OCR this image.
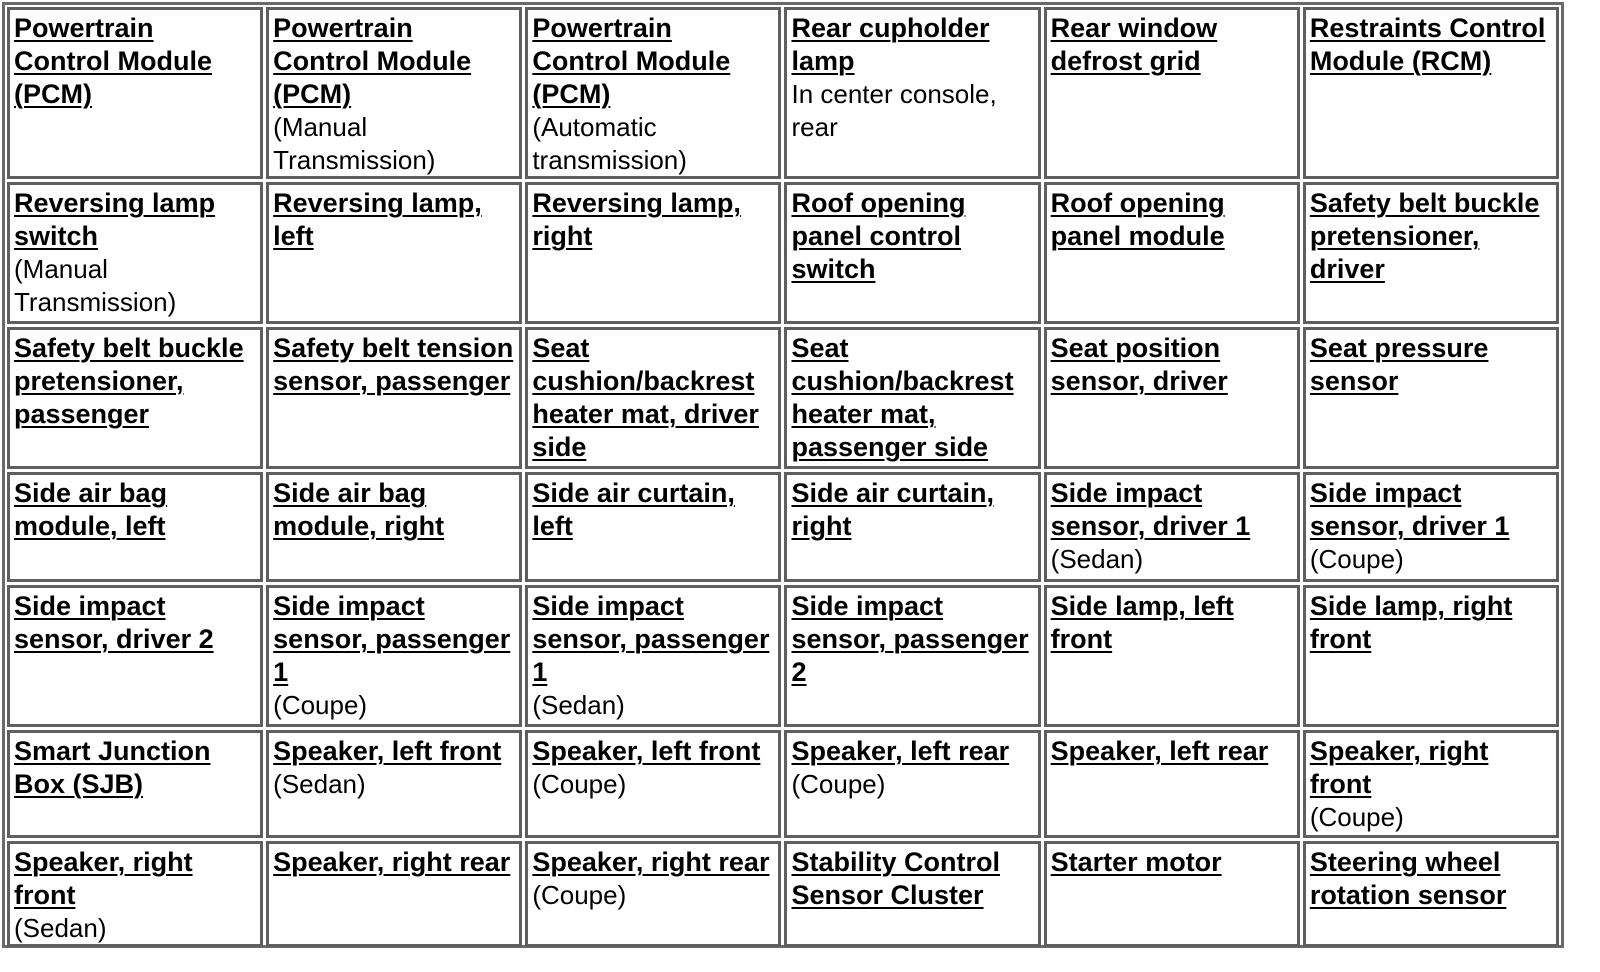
Powertrain Control Module (PCM)
Powertrain Control Module (PCM)
(Manual Transmission)
Powertrain Control Module (PCM)
(Automatic transmission)
Rear cupholder lamp
In center console, rear
Rear window defrost grid
Restraints Control Module (RCM)
Reversing lamp switch
(Manual Transmission)
Reversing lamp, left
Reversing lamp, right
Roof opening panel control switch
Roof opening panel module
Safety belt buckle pretensioner, driver
Safety belt buckle pretensioner, passenger
Safety belt tension sensor, passenger
Seat cushion/backrest heater mat, driver side
Seat cushion/backrest heater mat, passenger side
Seat position sensor, driver
Seat pressure sensor
Side air bag module, left
Side air bag module, right
Side air curtain, left
Side air curtain, right
Side impact sensor, driver 1
(Sedan)
Side impact sensor, driver 1
(Coupe)
Side impact sensor, driver 2
Side impact sensor, passenger 1
(Coupe)
Side impact sensor, passenger 1
(Sedan)
Side impact sensor, passenger 2
Side lamp, left front
Side lamp, right front
Smart Junction Box (SJB)
Speaker, left front
(Sedan)
Speaker, left front
(Coupe)
Speaker, left rear
(Coupe)
Speaker, left rear	Speaker, right front
(Coupe)
Speaker, right front
(Sedan)
Speaker, right rear Speaker, right rear
(Coupe)
Stability Control Sensor Cluster
Starter motor	Steering wheel rotation sensor
